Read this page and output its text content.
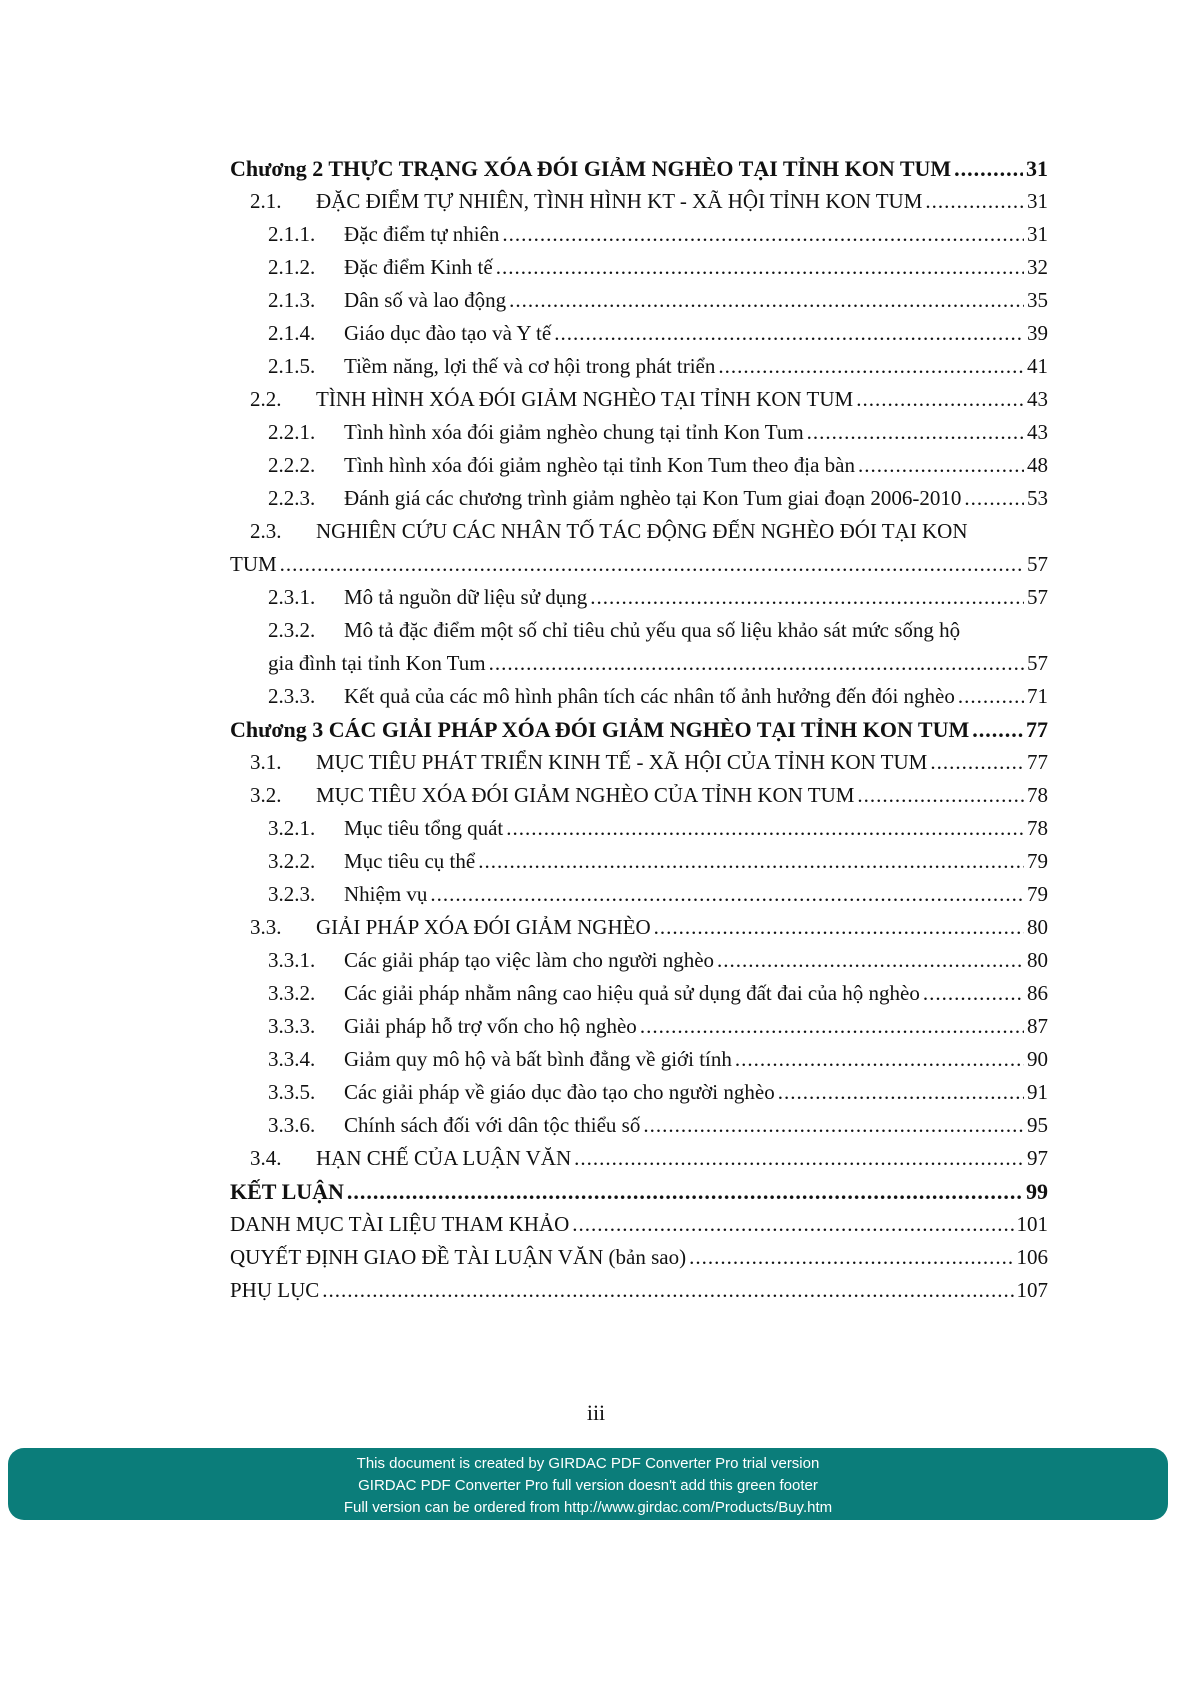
Chương 2 THỰC TRẠNG XÓA ĐÓI GIẢM NGHÈO TẠI TỈNH KON TUM .....	31
2.1.	ĐẶC ĐIỂM TỰ NHIÊN, TÌNH HÌNH KT - XÃ HỘI TỈNH KON TUM .....	31
2.1.1.	Đặc điểm tự nhiên .....	31
2.1.2.	Đặc điểm Kinh tế .....	32
2.1.3.	Dân số và lao động .....	35
2.1.4.	Giáo dục đào tạo và Y tế .....	39
2.1.5.	Tiềm năng, lợi thế và cơ hội trong phát triển .....	41
2.2.	TÌNH HÌNH XÓA ĐÓI GIẢM NGHÈO TẠI TỈNH KON TUM .....	43
2.2.1.	Tình hình xóa đói giảm nghèo chung tại tỉnh Kon Tum .....	43
2.2.2.	Tình hình xóa đói giảm nghèo tại tỉnh Kon Tum theo địa bàn .....	48
2.2.3.	Đánh giá các chương trình giảm nghèo tại Kon Tum giai đoạn 2006-2010 .....	53
2.3. NGHIÊN CỨU CÁC NHÂN TỐ TÁC ĐỘNG ĐẾN NGHÈO ĐÓI TẠI KON
TUM .....	57
2.3.1.	Mô tả nguồn dữ liệu sử dụng .....	57
2.3.2. Mô tả đặc điểm một số chỉ tiêu chủ yếu qua số liệu khảo sát mức sống hộ
gia đình tại tỉnh Kon Tum .....	57
2.3.3.	Kết quả của các mô hình phân tích các nhân tố ảnh hưởng đến đói nghèo .....	71
Chương 3 CÁC GIẢI PHÁP XÓA ĐÓI GIẢM NGHÈO TẠI TỈNH KON TUM .....	77
3.1.	MỤC TIÊU PHÁT TRIỂN KINH TẾ - XÃ HỘI CỦA TỈNH KON TUM .....	77
3.2.	MỤC TIÊU XÓA ĐÓI GIẢM NGHÈO CỦA TỈNH KON TUM .....	78
3.2.1.	Mục tiêu tổng quát .....	78
3.2.2.	Mục tiêu cụ thể .....	79
3.2.3.	Nhiệm vụ .....	79
3.3.	GIẢI PHÁP XÓA ĐÓI GIẢM NGHÈO .....	80
3.3.1.	Các giải pháp tạo việc làm cho người nghèo .....	80
3.3.2.	Các giải pháp nhằm nâng cao hiệu quả sử dụng đất đai của hộ nghèo .....	86
3.3.3.	Giải pháp hỗ trợ vốn cho hộ nghèo .....	87
3.3.4.	Giảm quy mô hộ và bất bình đẳng về giới tính .....	90
3.3.5.	Các giải pháp về giáo dục đào tạo cho người nghèo .....	91
3.3.6.	Chính sách đối với dân tộc thiểu số .....	95
3.4.	HẠN CHẾ CỦA LUẬN VĂN .....	97
KẾT LUẬN .....	99
DANH MỤC TÀI LIỆU THAM KHẢO .....	101
QUYẾT ĐỊNH GIAO ĐỀ TÀI LUẬN VĂN (bản sao) .....	106
PHỤ LỤC .....	107
iii
This document is created by GIRDAC PDF Converter Pro trial version
GIRDAC PDF Converter Pro full version doesn't add this green footer
Full version can be ordered from http://www.girdac.com/Products/Buy.htm
